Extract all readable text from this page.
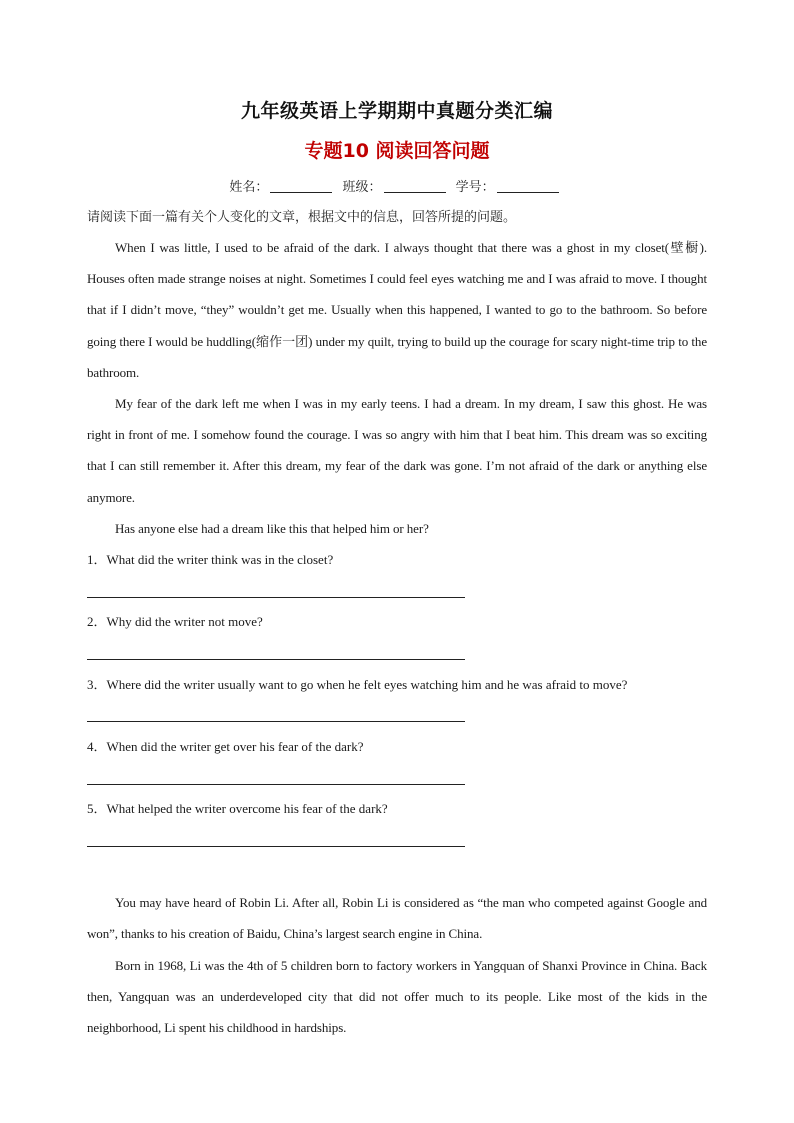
九年级英语上学期期中真题分类汇编
专题10 阅读回答问题
姓名：	班级：	学号：
请阅读下面一篇有关个人变化的文章，根据文中的信息，回答所提的问题。

When I was little, I used to be afraid of the dark. I always thought that there was a ghost in my closet(壁橱). Houses often made strange noises at night. Sometimes I could feel eyes watching me and I was afraid to move. I thought that if I didn’t move, “they” wouldn’t get me. Usually when this happened, I wanted to go to the bathroom. So before going there I would be huddling(缩作一团) under my quilt, trying to build up the courage for scary night-time trip to the bathroom.

My fear of the dark left me when I was in my early teens. I had a dream. In my dream, I saw this ghost. He was right in front of me. I somehow found the courage. I was so angry with him that I beat him. This dream was so exciting that I can still remember it. After this dream, my fear of the dark was gone. I’m not afraid of the dark or anything else anymore.

Has anyone else had a dream like this that helped him or her?

1．What did the writer think was in the closet?
2．Why did the writer not move?
3．Where did the writer usually want to go when he felt eyes watching him and he was afraid to move?
4．When did the writer get over his fear of the dark?
5．What helped the writer overcome his fear of the dark?

You may have heard of Robin Li. After all, Robin Li is considered as “the man who competed against Google and won”, thanks to his creation of Baidu, China’s largest search engine in China.

Born in 1968, Li was the 4th of 5 children born to factory workers in Yangquan of Shanxi Province in China. Back then, Yangquan was an underdeveloped city that did not offer much to its people. Like most of the kids in the neighborhood, Li spent his childhood in hardships.
